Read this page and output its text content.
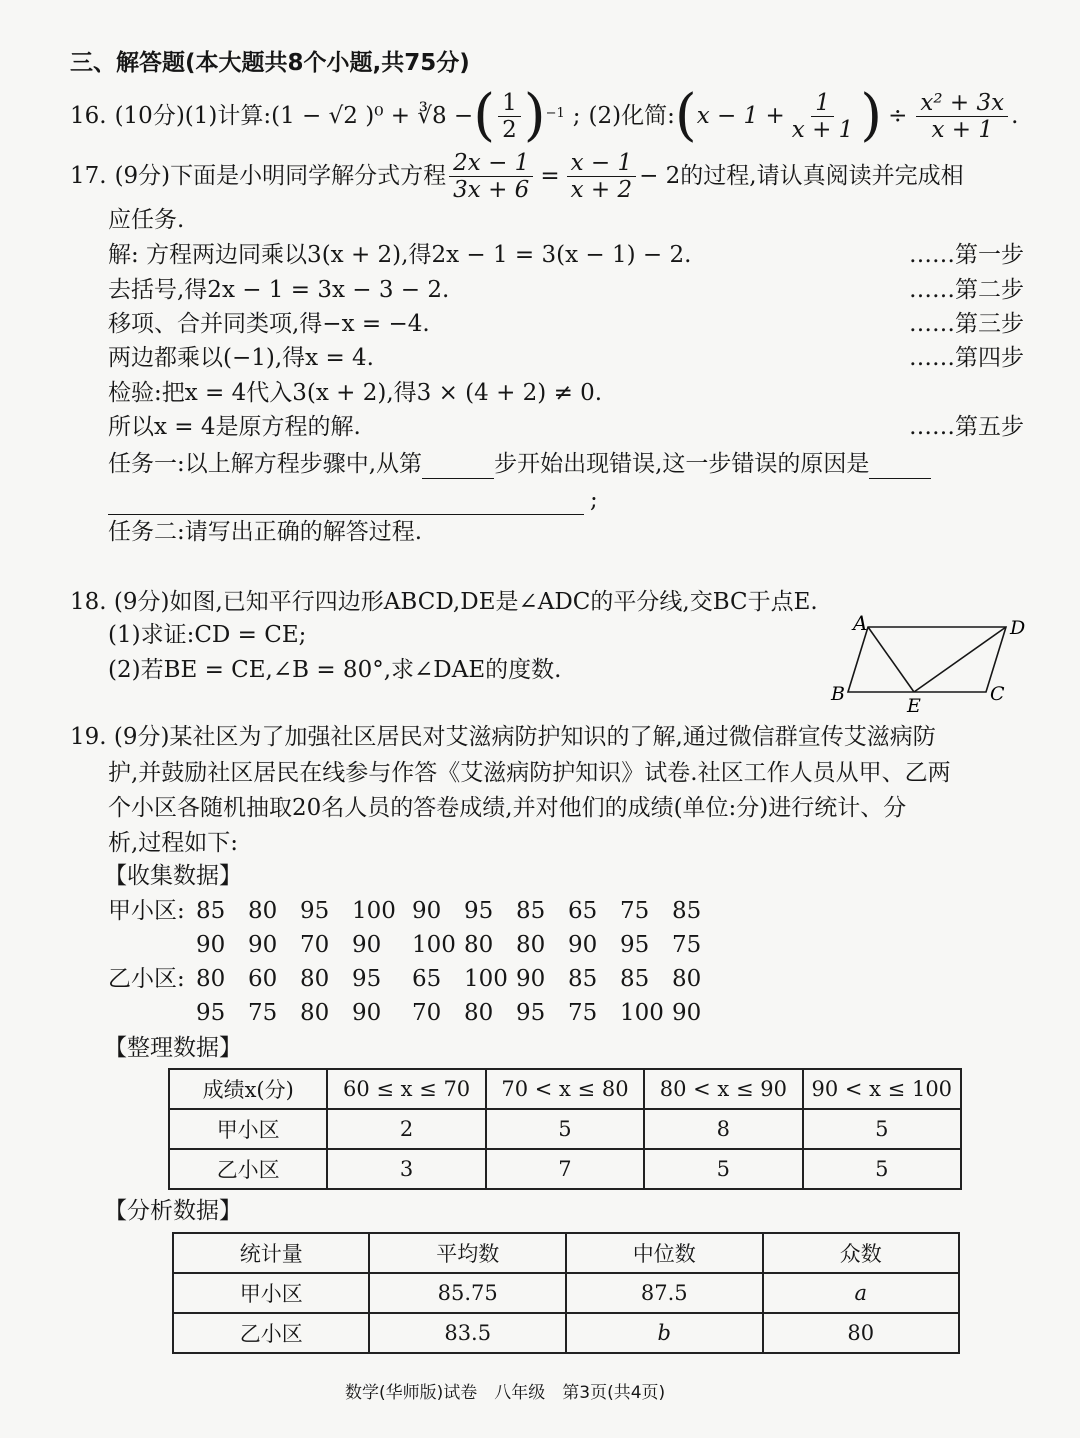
三、解答题(本大题共8个小题,共75分)
16. (10分) (1)计算: (1 − √2 )⁰ + ∛8 − ( $\frac{1}{2}$ ) −1 ; (2)化简: ( $x - 1 + \frac{1}{x + 1}$ ) ÷ $\frac{\text{x² + 3x}}{x + 1}$ .
17. (9分)下面是小明同学解分式方程 $\frac{2x - 1}{3x + 6} = \frac{x - 1}{x + 2} - 2$的过程,请认真阅读并完成相
应任务.
解: 方程两边同乘以3(x + 2),得2x − 1 = 3(x − 1) − 2.	……第一步
去括号,得2x − 1 = 3x − 3 − 2.	……第二步
移项、合并同类项,得−x = −4.	……第三步
两边都乘以(−1),得x = 4.	……第四步
检验:把x = 4代入3(x + 2),得3 × (4 + 2) ≠ 0.
所以x = 4是原方程的解.	……第五步
任务一:以上解方程步骤中,从第	步开始出现错误,这一步错误的原因是
;
任务二:请写出正确的解答过程.
18. (9分)如图,已知平行四边形ABCD,DE是∠ADC的平分线,交BC于点E.
(1)求证:CD = CE;
(2)若BE = CE,∠B = 80°,求∠DAE的度数.
A	D
B	C
E
19. (9分)某社区为了加强社区居民对艾滋病防护知识的了解,通过微信群宣传艾滋病防
护,并鼓励社区居民在线参与作答《艾滋病防护知识》试卷.社区工作人员从甲、乙两
个小区各随机抽取20名人员的答卷成绩,并对他们的成绩(单位:分)进行统计、分
析,过程如下:
【收集数据】
甲小区: 85 80 95 100 90 95 85 65 75 85
90 90 70 90 100 80 80 90 95 75
乙小区: 80 60 80 95 65 100 90 85 85 80
95 75 80 90 70 80 95 75 100 90
【整理数据】
成绩x(分)	60 ≤ x ≤ 70	70 < x ≤ 80	80 < x ≤ 90	90 < x ≤ 100
甲小区	2	5	8	5
乙小区	3	7	5	5
【分析数据】
统计量	平均数	中位数	众数
甲小区	85.75	87.5	a
乙小区	83.5	b	80
数学(华师版)试卷　八年级　第3页(共4页)
